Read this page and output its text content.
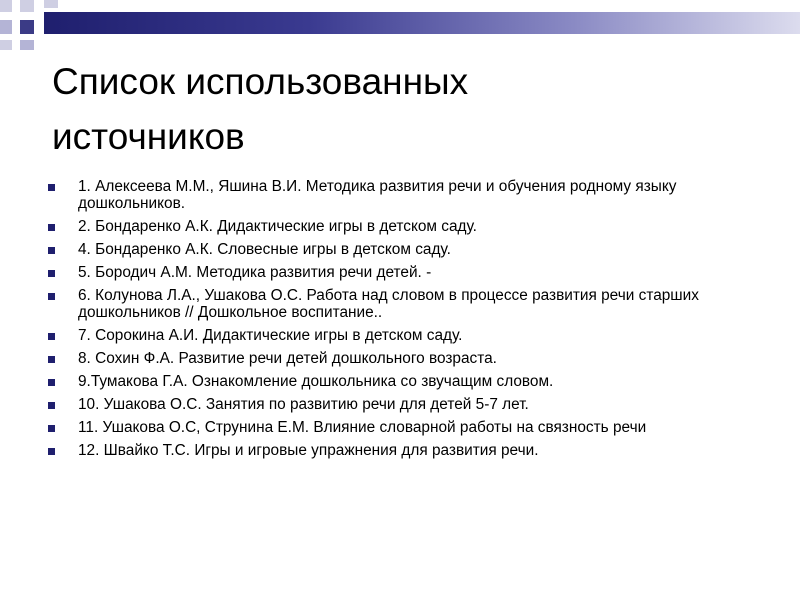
Список использованных
источников
1. Алексеева М.М., Яшина В.И. Методика развития речи и обучения родному языку дошкольников.
2. Бондаренко А.К. Дидактические игры в детском саду.
4. Бондаренко А.К. Словесные игры в детском саду.
5. Бородич А.М. Методика развития речи детей. -
6. Колунова Л.А., Ушакова О.С. Работа над словом в процессе развития речи старших дошкольников // Дошкольное воспитание..
7. Сорокина А.И. Дидактические игры в детском саду.
8. Сохин Ф.А. Развитие речи детей дошкольного возраста.
9.Тумакова Г.А. Ознакомление дошкольника со звучащим словом.
10. Ушакова О.С. Занятия по развитию речи для детей 5-7 лет.
11. Ушакова О.С, Струнина Е.М. Влияние словарной работы на связность речи
12. Швайко Т.С. Игры и игровые упражнения для развития речи.
